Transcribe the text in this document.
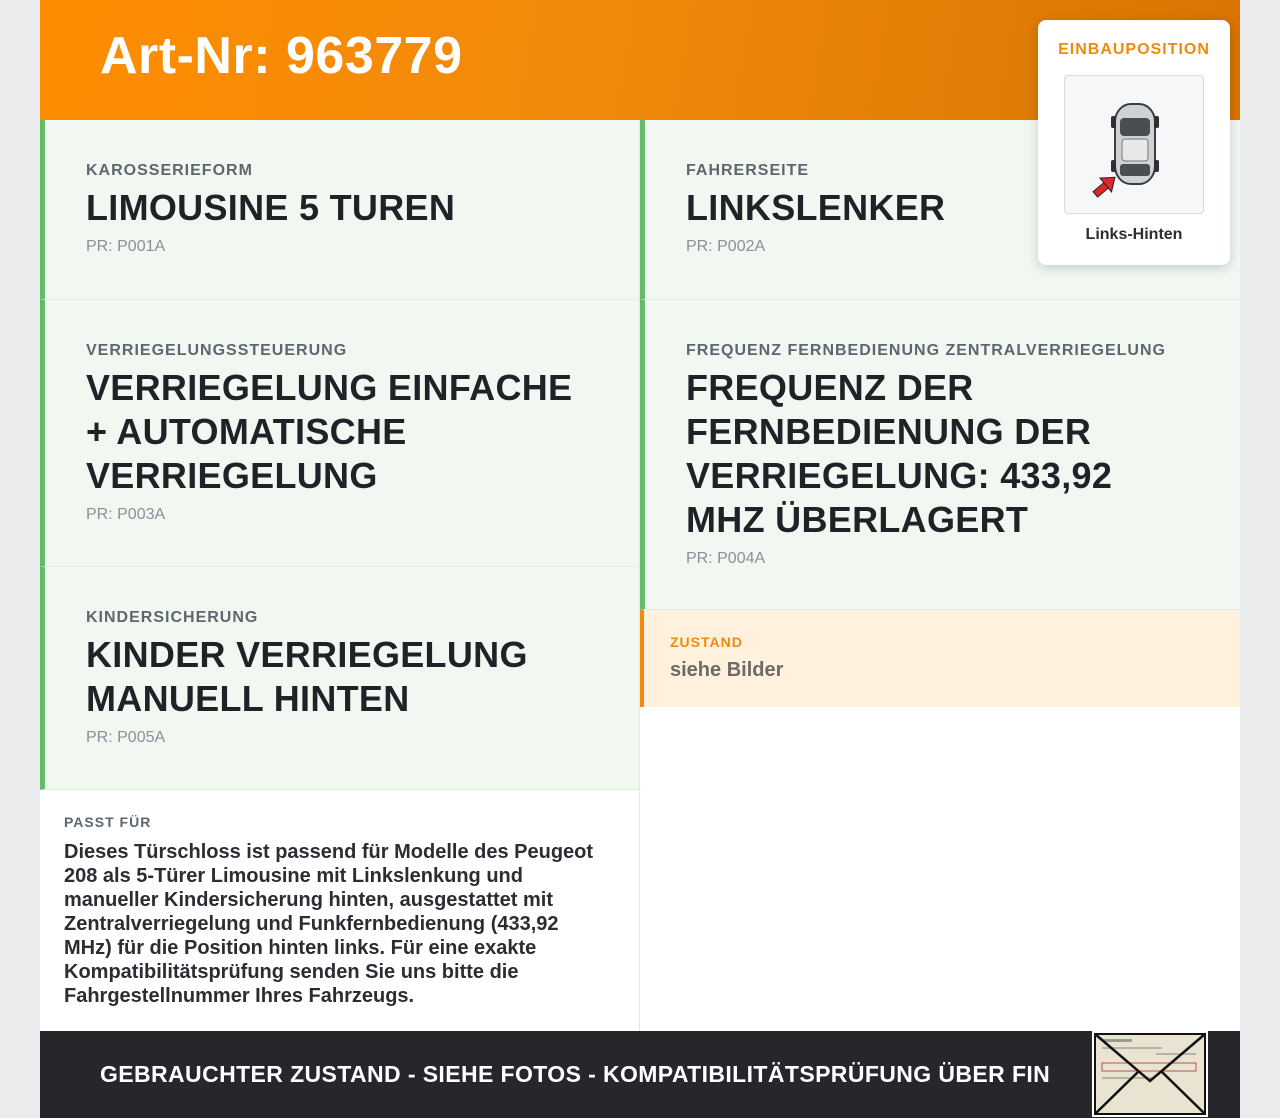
Art-Nr: 963779
KAROSSERIEFORM
LIMOUSINE 5 TUREN
PR: P001A
VERRIEGELUNGSSTEUERUNG
VERRIEGELUNG EINFACHE + AUTOMATISCHE VERRIEGELUNG
PR: P003A
KINDERSICHERUNG
KINDER VERRIEGELUNG MANUELL HINTEN
PR: P005A
PASST FÜR
Dieses Türschloss ist passend für Modelle des Peugeot 208 als 5-Türer Limousine mit Linkslenkung und manueller Kindersicherung hinten, ausgestattet mit Zentralverriegelung und Funkfernbedienung (433,92 MHz) für die Position hinten links. Für eine exakte Kompatibilitätsprüfung senden Sie uns bitte die Fahrgestellnummer Ihres Fahrzeugs.
FAHRERSEITE
LINKSLENKER
PR: P002A
FREQUENZ FERNBEDIENUNG ZENTRALVERRIEGELUNG
FREQUENZ DER FERNBEDIENUNG DER VERRIEGELUNG: 433,92 MHZ ÜBERLAGERT
PR: P004A
ZUSTAND
siehe Bilder
GEBRAUCHTER ZUSTAND - SIEHE FOTOS - KOMPATIBILITÄTSPRÜFUNG ÜBER FIN
EINBAUPOSITION
Links-Hinten
